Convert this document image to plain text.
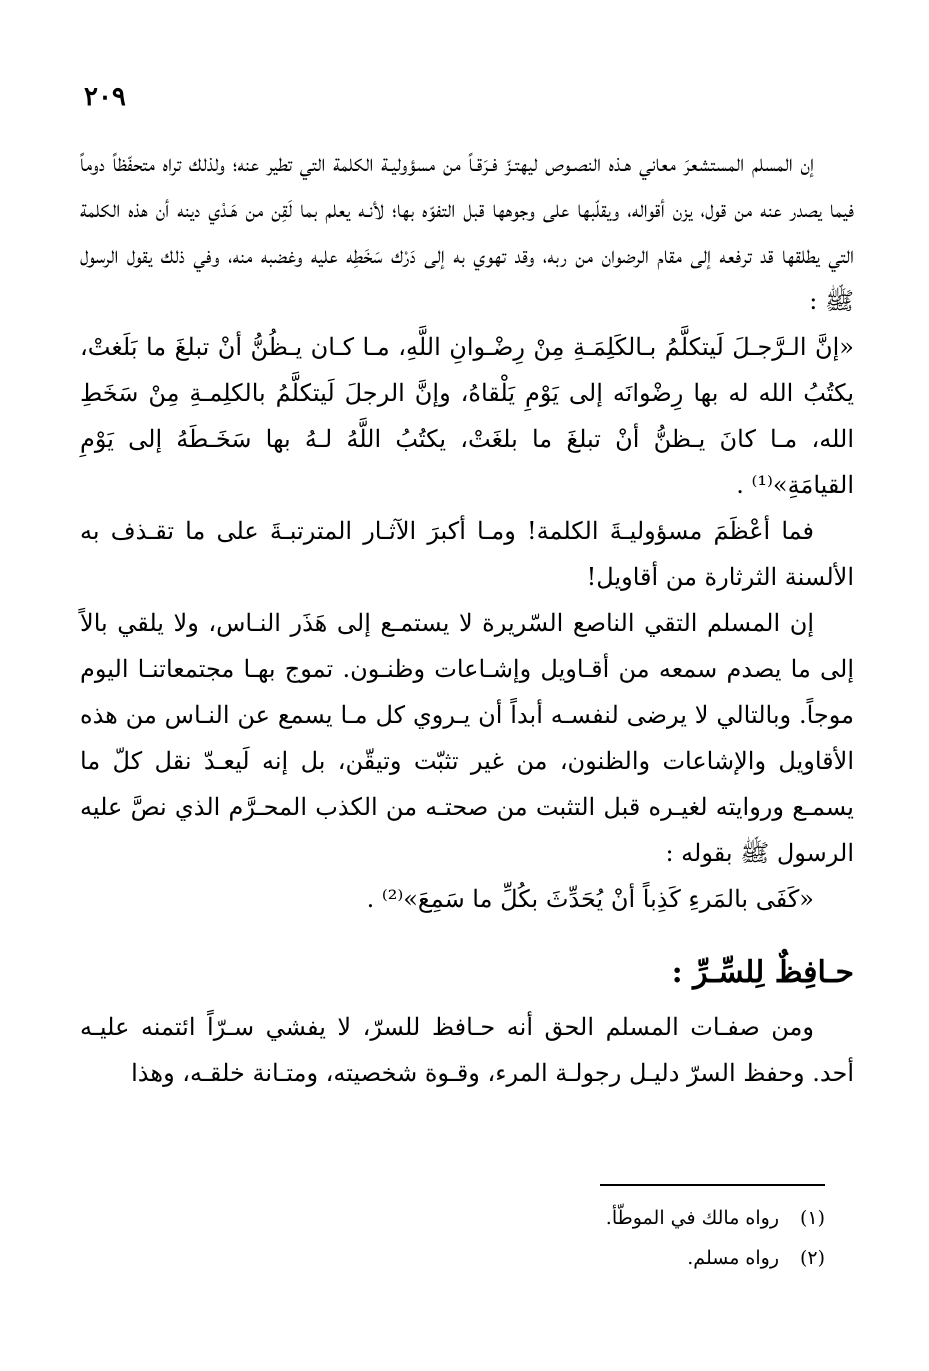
٢٠٩

إن المسلم المستشعرَ معاني هـذه النصـوص ليهتـزّ فـرَقـاً من مسؤوليـة الكلمة التي تطير عنه؛ ولذلك تراه متحفّظاً دوماً فيما يصدر عنه من قول، يزن أقواله، ويقلّبها على وجوهها قبل التفوّه بها؛ لأنـه يعلم بما لَقِن من هَـدْي دينه أن هذه الكلمة التي يطلقها قد ترفعه إلى مقام الرضوان من ربه، وقد تهوي به إلى دَرْك سَخَطِه عليه وغضبه منه، وفي ذلك يقول الرسول ﷺ :

«إنَّ الـرَّجـلَ لَيتكلَّمُ بـالكَلِمَـةِ مِنْ رِضْـوانِ اللَّهِ، مـا كـان يـظُنُّ أنْ تبلغَ ما بَلَغتْ، يكتُبُ الله له بها رِضْوانَه إلى يَوْمِ يَلْقاهُ، وإنَّ الرجلَ لَيتكلَّمُ بالكلِمـةِ مِنْ سَخَطِ الله، مـا كانَ يـظنُّ أنْ تبلغَ ما بلغَتْ، يكتُبُ اللَّهُ لـهُ بها سَخَـطَهُ إلى يَوْمِ القيامَةِ»⁽¹⁾ .

فما أعْظَمَ مسؤوليـةَ الكلمة! ومـا أكبرَ الآثـار المترتبـةَ على ما تقـذف به الألسنة الثرثارة من أقاويل!

إن المسلم التقي الناصع السّريرة لا يستمـع إلى هَذَر النـاس، ولا يلقي بالاً إلى ما يصدم سمعه من أقـاويل وإشـاعات وظنـون. تموج بهـا مجتمعاتنـا اليوم موجاً. وبالتالي لا يرضى لنفسـه أبداً أن يـروي كل مـا يسمع عن النـاس من هذه الأقاويل والإشاعات والظنون، من غير تثبّت وتيقّن، بل إنه لَيعـدّ نقل كلّ ما يسمـع وروايته لغيـره قبل التثبت من صحتـه من الكذب المحـرَّم الذي نصَّ عليه الرسول ﷺ بقوله :

«كَفَى بالمَرءِ كَذِباً أنْ يُحَدِّثَ بكُلِّ ما سَمِعَ»⁽²⁾ .

حـافِظٌ لِلسِّـرِّ :

ومن صفـات المسلم الحق أنه حـافظ للسرّ، لا يفشي سـرّاً ائتمنه عليـه أحد. وحفظ السرّ دليـل رجولـة المرء، وقـوة شخصيته، ومتـانة خلقـه، وهذا

(١)
رواه مالك في الموطّأ.
(٢)
رواه مسلم.
